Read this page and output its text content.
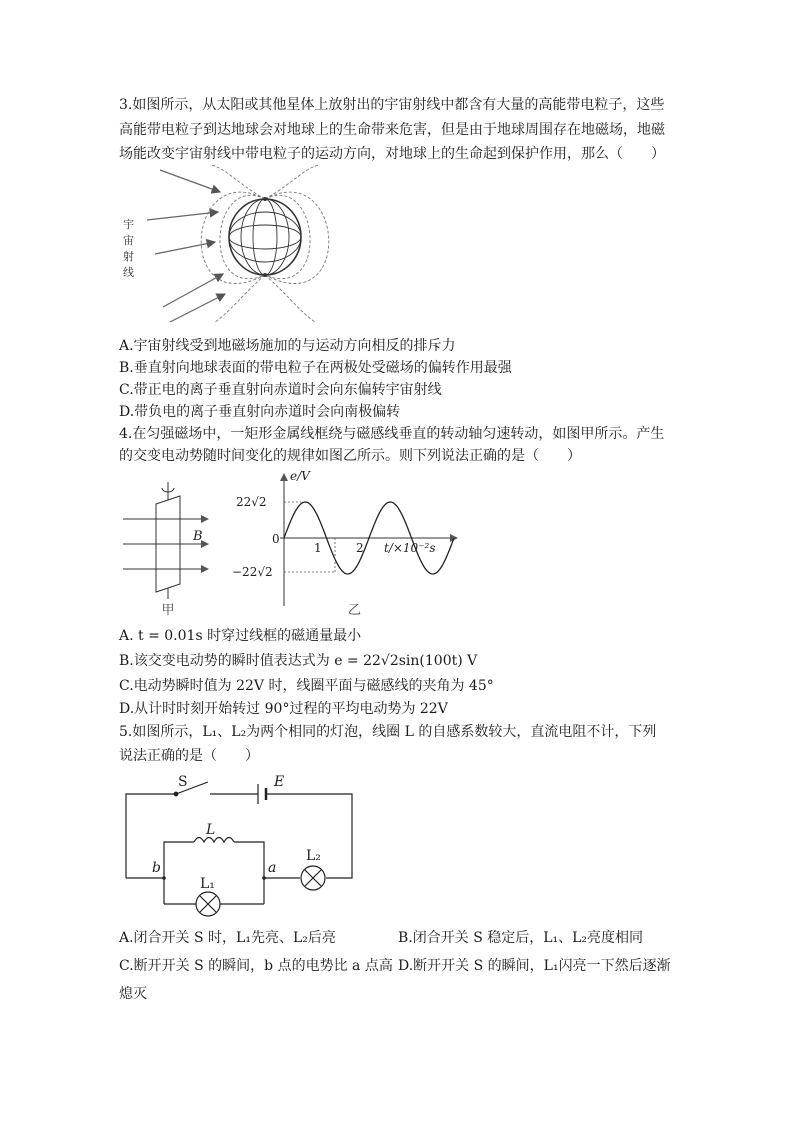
3.如图所示，从太阳或其他星体上放射出的宇宙射线中都含有大量的高能带电粒子，这些
高能带电粒子到达地球会对地球上的生命带来危害，但是由于地球周围存在地磁场，地磁
场能改变宇宙射线中带电粒子的运动方向，对地球上的生命起到保护作用，那么（　　）
宇
宙
射
线
A.宇宙射线受到地磁场施加的与运动方向相反的排斥力
B.垂直射向地球表面的带电粒子在两极处受磁场的偏转作用最强
C.带正电的离子垂直射向赤道时会向东偏转宇宙射线
D.带负电的离子垂直射向赤道时会向南极偏转
4.在匀强磁场中，一矩形金属线框绕与磁感线垂直的转动轴匀速转动，如图甲所示。产生
的交变电动势随时间变化的规律如图乙所示。则下列说法正确的是（　　）
B
甲
e/V
22√2
0
−22√2
1	2 t/×10⁻²s
乙
A. t = 0.01s 时穿过线框的磁通量最小
B.该交变电动势的瞬时值表达式为 e = 22√2sin(100t) V
C.电动势瞬时值为 22V 时，线圈平面与磁感线的夹角为 45°
D.从计时时刻开始转过 90°过程的平均电动势为 22V
5.如图所示，L₁、L₂为两个相同的灯泡，线圈 L 的自感系数较大，直流电阻不计，下列
说法正确的是（　　）
S	E
L
L₂
L₁
b	a
A.闭合开关 S 时，L₁先亮、L₂后亮	B.闭合开关 S 稳定后，L₁、L₂亮度相同
C.断开开关 S 的瞬间，b 点的电势比 a 点高 D.断开开关 S 的瞬间，L₁闪亮一下然后逐渐
熄灭
